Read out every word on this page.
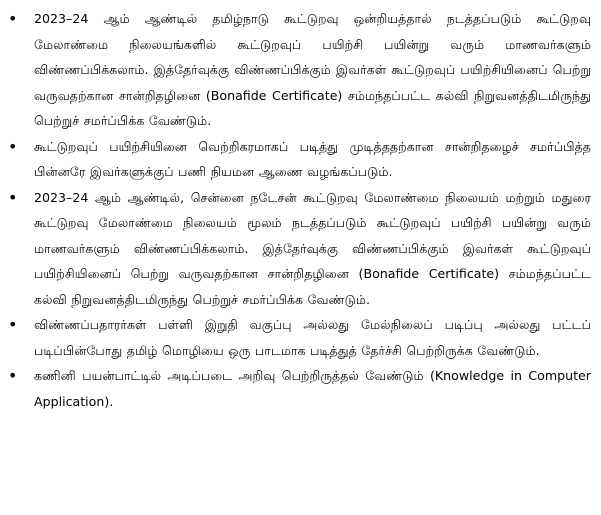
•	2023–24 ஆம் ஆண்டில் தமிழ்நாடு கூட்டுறவு ஒன்றியத்தால் நடத்தப்படும் கூட்டுறவு மேலாண்மை நிலையங்களில் கூட்டுறவுப் பயிற்சி பயின்று வரும் மாணவர்களும் விண்ணப்பிக்கலாம். இத்தேர்வுக்கு விண்ணப்பிக்கும் இவர்கள் கூட்டுறவுப் பயிற்சியினைப் பெற்று வருவதற்கான சான்றிதழினை (Bonafide Certificate) சம்மந்தப்பட்ட கல்வி நிறுவனத்திடமிருந்து பெற்றுச் சமர்ப்பிக்க வேண்டும்.
•	கூட்டுறவுப் பயிற்சியினை வெற்றிகரமாகப் படித்து முடித்ததற்கான சான்றிதழைச் சமர்ப்பித்த பின்னரே இவர்களுக்குப் பணி நியமன ஆணை வழங்கப்படும்.
•	2023–24 ஆம் ஆண்டில், சென்னை நடேசன் கூட்டுறவு மேலாண்மை நிலையம் மற்றும் மதுரை கூட்டுறவு மேலாண்மை நிலையம் மூலம் நடத்தப்படும் கூட்டுறவுப் பயிற்சி பயின்று வரும் மாணவர்களும் விண்ணப்பிக்கலாம். இத்தேர்வுக்கு விண்ணப்பிக்கும் இவர்கள் கூட்டுறவுப் பயிற்சியினைப் பெற்று வருவதற்கான சான்றிதழினை (Bonafide Certificate) சம்மந்தப்பட்ட கல்வி நிறுவனத்திடமிருந்து பெற்றுச் சமர்ப்பிக்க வேண்டும்.
•	விண்ணப்பதாரர்கள் பள்ளி இறுதி வகுப்பு அல்லது மேல்நிலைப் படிப்பு அல்லது பட்டப் படிப்பின்போது தமிழ் மொழியை ஒரு பாடமாக படித்துத் தேர்ச்சி பெற்றிருக்க வேண்டும்.
•	கணினி பயன்பாட்டில் அடிப்படை அறிவு பெற்றிருத்தல் வேண்டும் (Knowledge in Computer Application).
